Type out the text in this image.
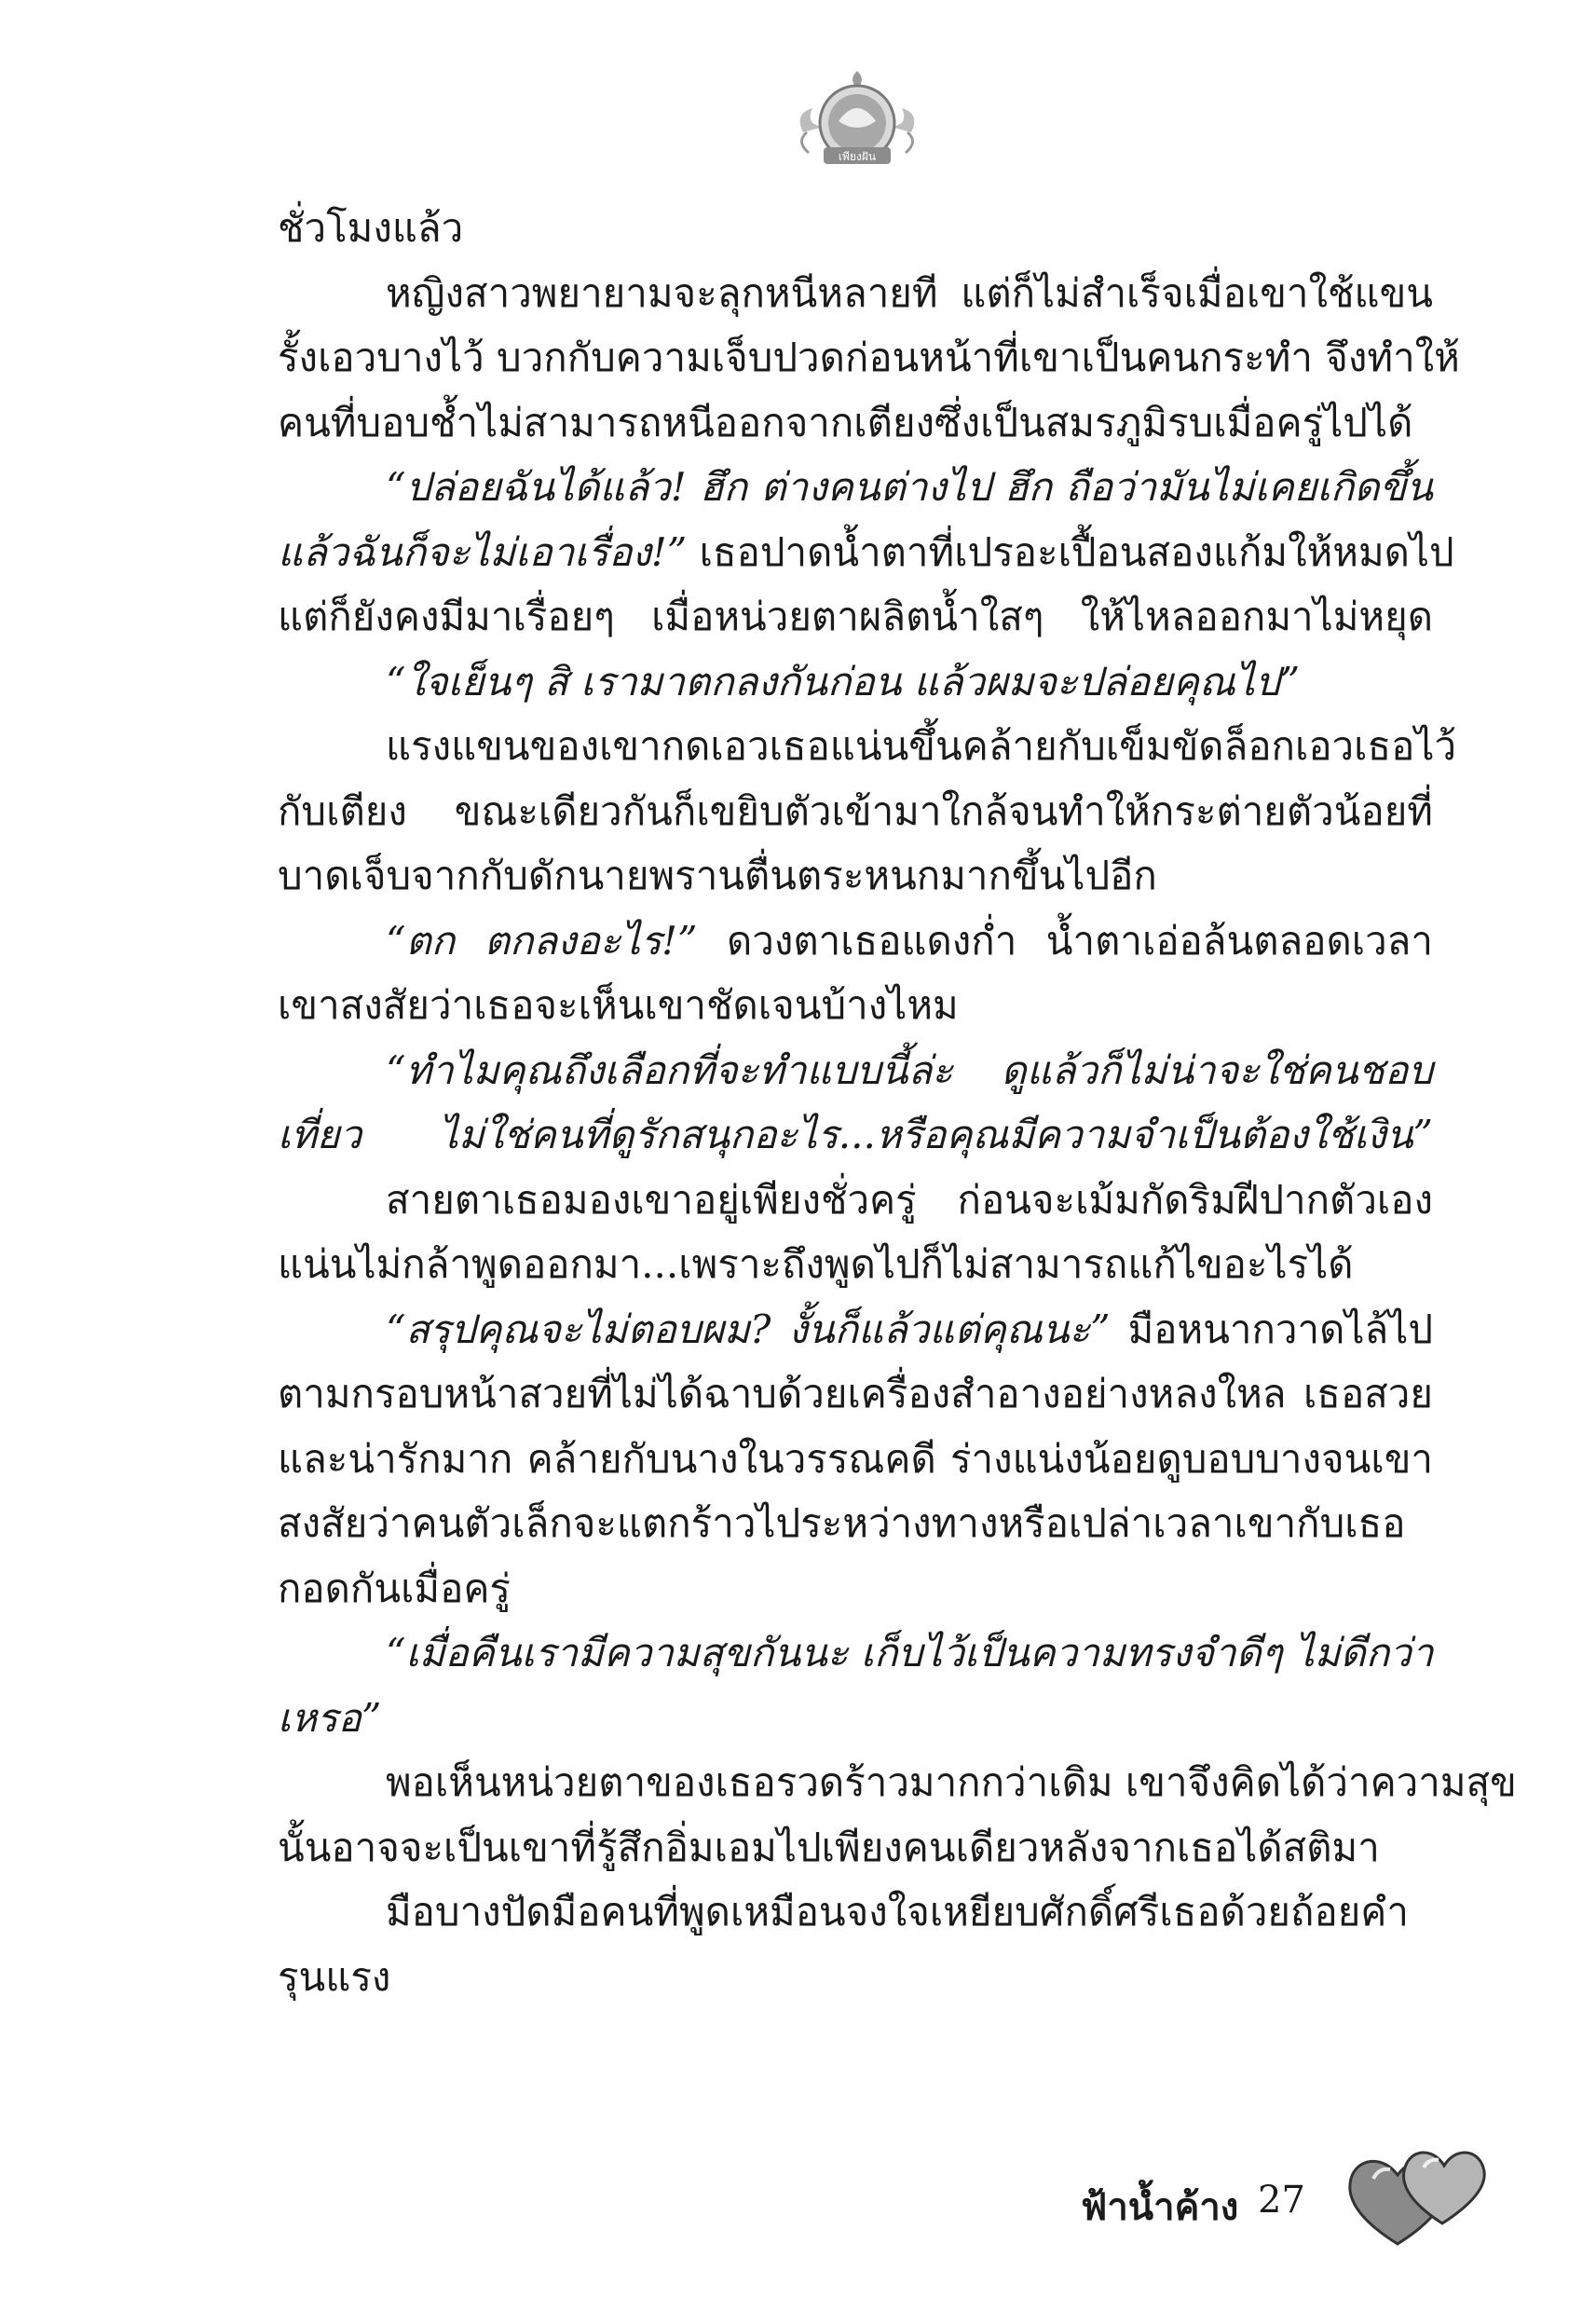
เพียงฝัน
ชั่วโมงแล้ว
หญิงสาวพยายามจะลุกหนีหลายที แต่ก็ไม่สำเร็จเมื่อเขาใช้แขน
รั้งเอวบางไว้ บวกกับความเจ็บปวดก่อนหน้าที่เขาเป็นคนกระทำ จึงทำให้
คนที่บอบช้ำไม่สามารถหนีออกจากเตียงซึ่งเป็นสมรภูมิรบเมื่อครู่ไปได้
“ปล่อยฉันได้แล้ว! ฮึก ต่างคนต่างไป ฮึก ถือว่ามันไม่เคยเกิดขึ้น
แล้วฉันก็จะไม่เอาเรื่อง!” เธอปาดน้ำตาที่เปรอะเปื้อนสองแก้มให้หมดไป
แต่ก็ยังคงมีมาเรื่อยๆ เมื่อหน่วยตาผลิตน้ำใสๆ ให้ไหลออกมาไม่หยุด
“ใจเย็นๆ สิ เรามาตกลงกันก่อน แล้วผมจะปล่อยคุณไป”
แรงแขนของเขากดเอวเธอแน่นขึ้นคล้ายกับเข็มขัดล็อกเอวเธอไว้
กับเตียง ขณะเดียวกันก็เขยิบตัวเข้ามาใกล้จนทำให้กระต่ายตัวน้อยที่
บาดเจ็บจากกับดักนายพรานตื่นตระหนกมากขึ้นไปอีก
“ตก ตกลงอะไร!” ดวงตาเธอแดงก่ำ น้ำตาเอ่อล้นตลอดเวลา
เขาสงสัยว่าเธอจะเห็นเขาชัดเจนบ้างไหม
“ทำไมคุณถึงเลือกที่จะทำแบบนี้ล่ะ ดูแล้วก็ไม่น่าจะใช่คนชอบ
เที่ยว ไม่ใช่คนที่ดูรักสนุกอะไร...หรือคุณมีความจำเป็นต้องใช้เงิน”
สายตาเธอมองเขาอยู่เพียงชั่วครู่ ก่อนจะเม้มกัดริมฝีปากตัวเอง
แน่นไม่กล้าพูดออกมา...เพราะถึงพูดไปก็ไม่สามารถแก้ไขอะไรได้
“สรุปคุณจะไม่ตอบผม? งั้นก็แล้วแต่คุณนะ” มือหนากวาดไล้ไป
ตามกรอบหน้าสวยที่ไม่ได้ฉาบด้วยเครื่องสำอางอย่างหลงใหล เธอสวย
และน่ารักมาก คล้ายกับนางในวรรณคดี ร่างแน่งน้อยดูบอบบางจนเขา
สงสัยว่าคนตัวเล็กจะแตกร้าวไประหว่างทางหรือเปล่าเวลาเขากับเธอ
กอดกันเมื่อครู่
“เมื่อคืนเรามีความสุขกันนะ เก็บไว้เป็นความทรงจำดีๆ ไม่ดีกว่า
เหรอ”
พอเห็นหน่วยตาของเธอรวดร้าวมากกว่าเดิม เขาจึงคิดได้ว่าความสุข
นั้นอาจจะเป็นเขาที่รู้สึกอิ่มเอมไปเพียงคนเดียวหลังจากเธอได้สติมา
มือบางปัดมือคนที่พูดเหมือนจงใจเหยียบศักดิ์ศรีเธอด้วยถ้อยคำ
รุนแรง
ฟ้าน้ำค้าง 27
